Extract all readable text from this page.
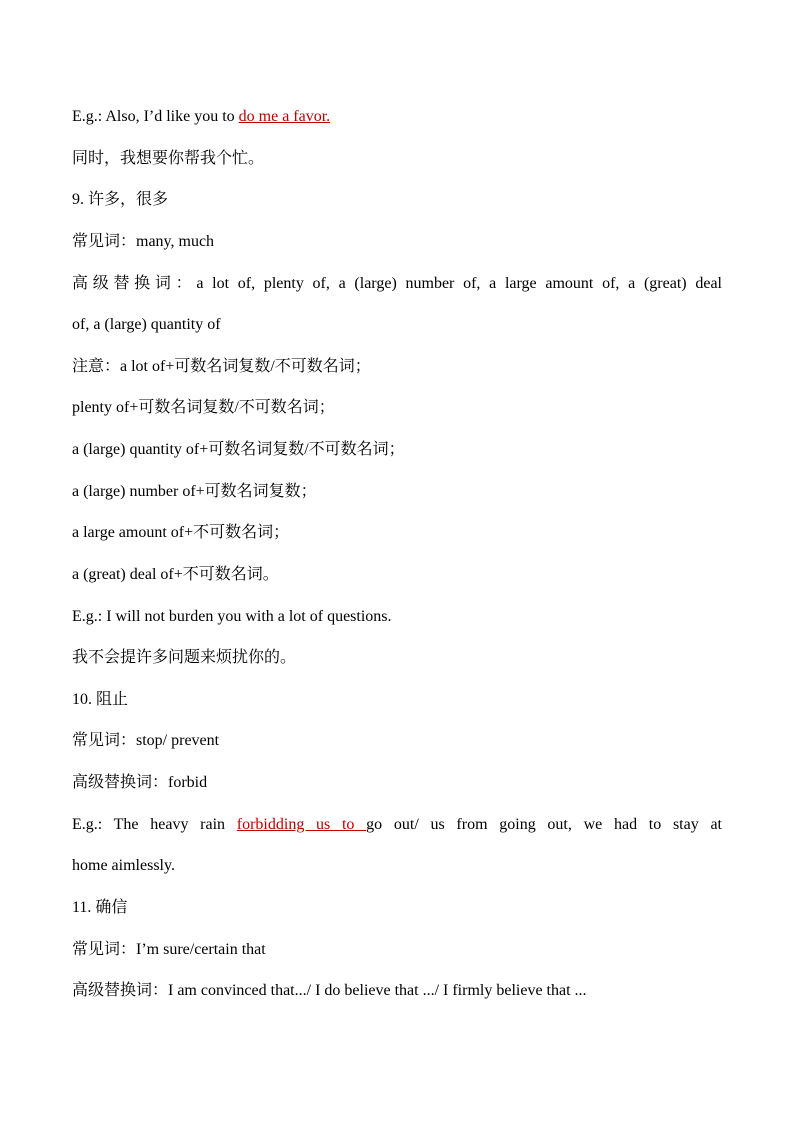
E.g.: Also, I’d like you to do me a favor.
同时，我想要你帮我个忙。
9. 许多，很多
常见词：many, much
高级替换词：a lot of, plenty of, a (large) number of, a large amount of, a (great) deal
of, a (large) quantity of
注意：a lot of+可数名词复数/不可数名词；
plenty of+可数名词复数/不可数名词；
a (large) quantity of+可数名词复数/不可数名词；
a (large) number of+可数名词复数；
a large amount of+不可数名词；
a (great) deal of+不可数名词。
E.g.: I will not burden you with a lot of questions.
我不会提许多问题来烦扰你的。
10. 阻止
常见词：stop/ prevent
高级替换词：forbid
E.g.: The heavy rain forbidding us to go out/ us from going out, we had to stay at
home aimlessly.
11. 确信
常见词：I’m sure/certain that
高级替换词：I am convinced that.../ I do believe that .../ I firmly believe that ...
